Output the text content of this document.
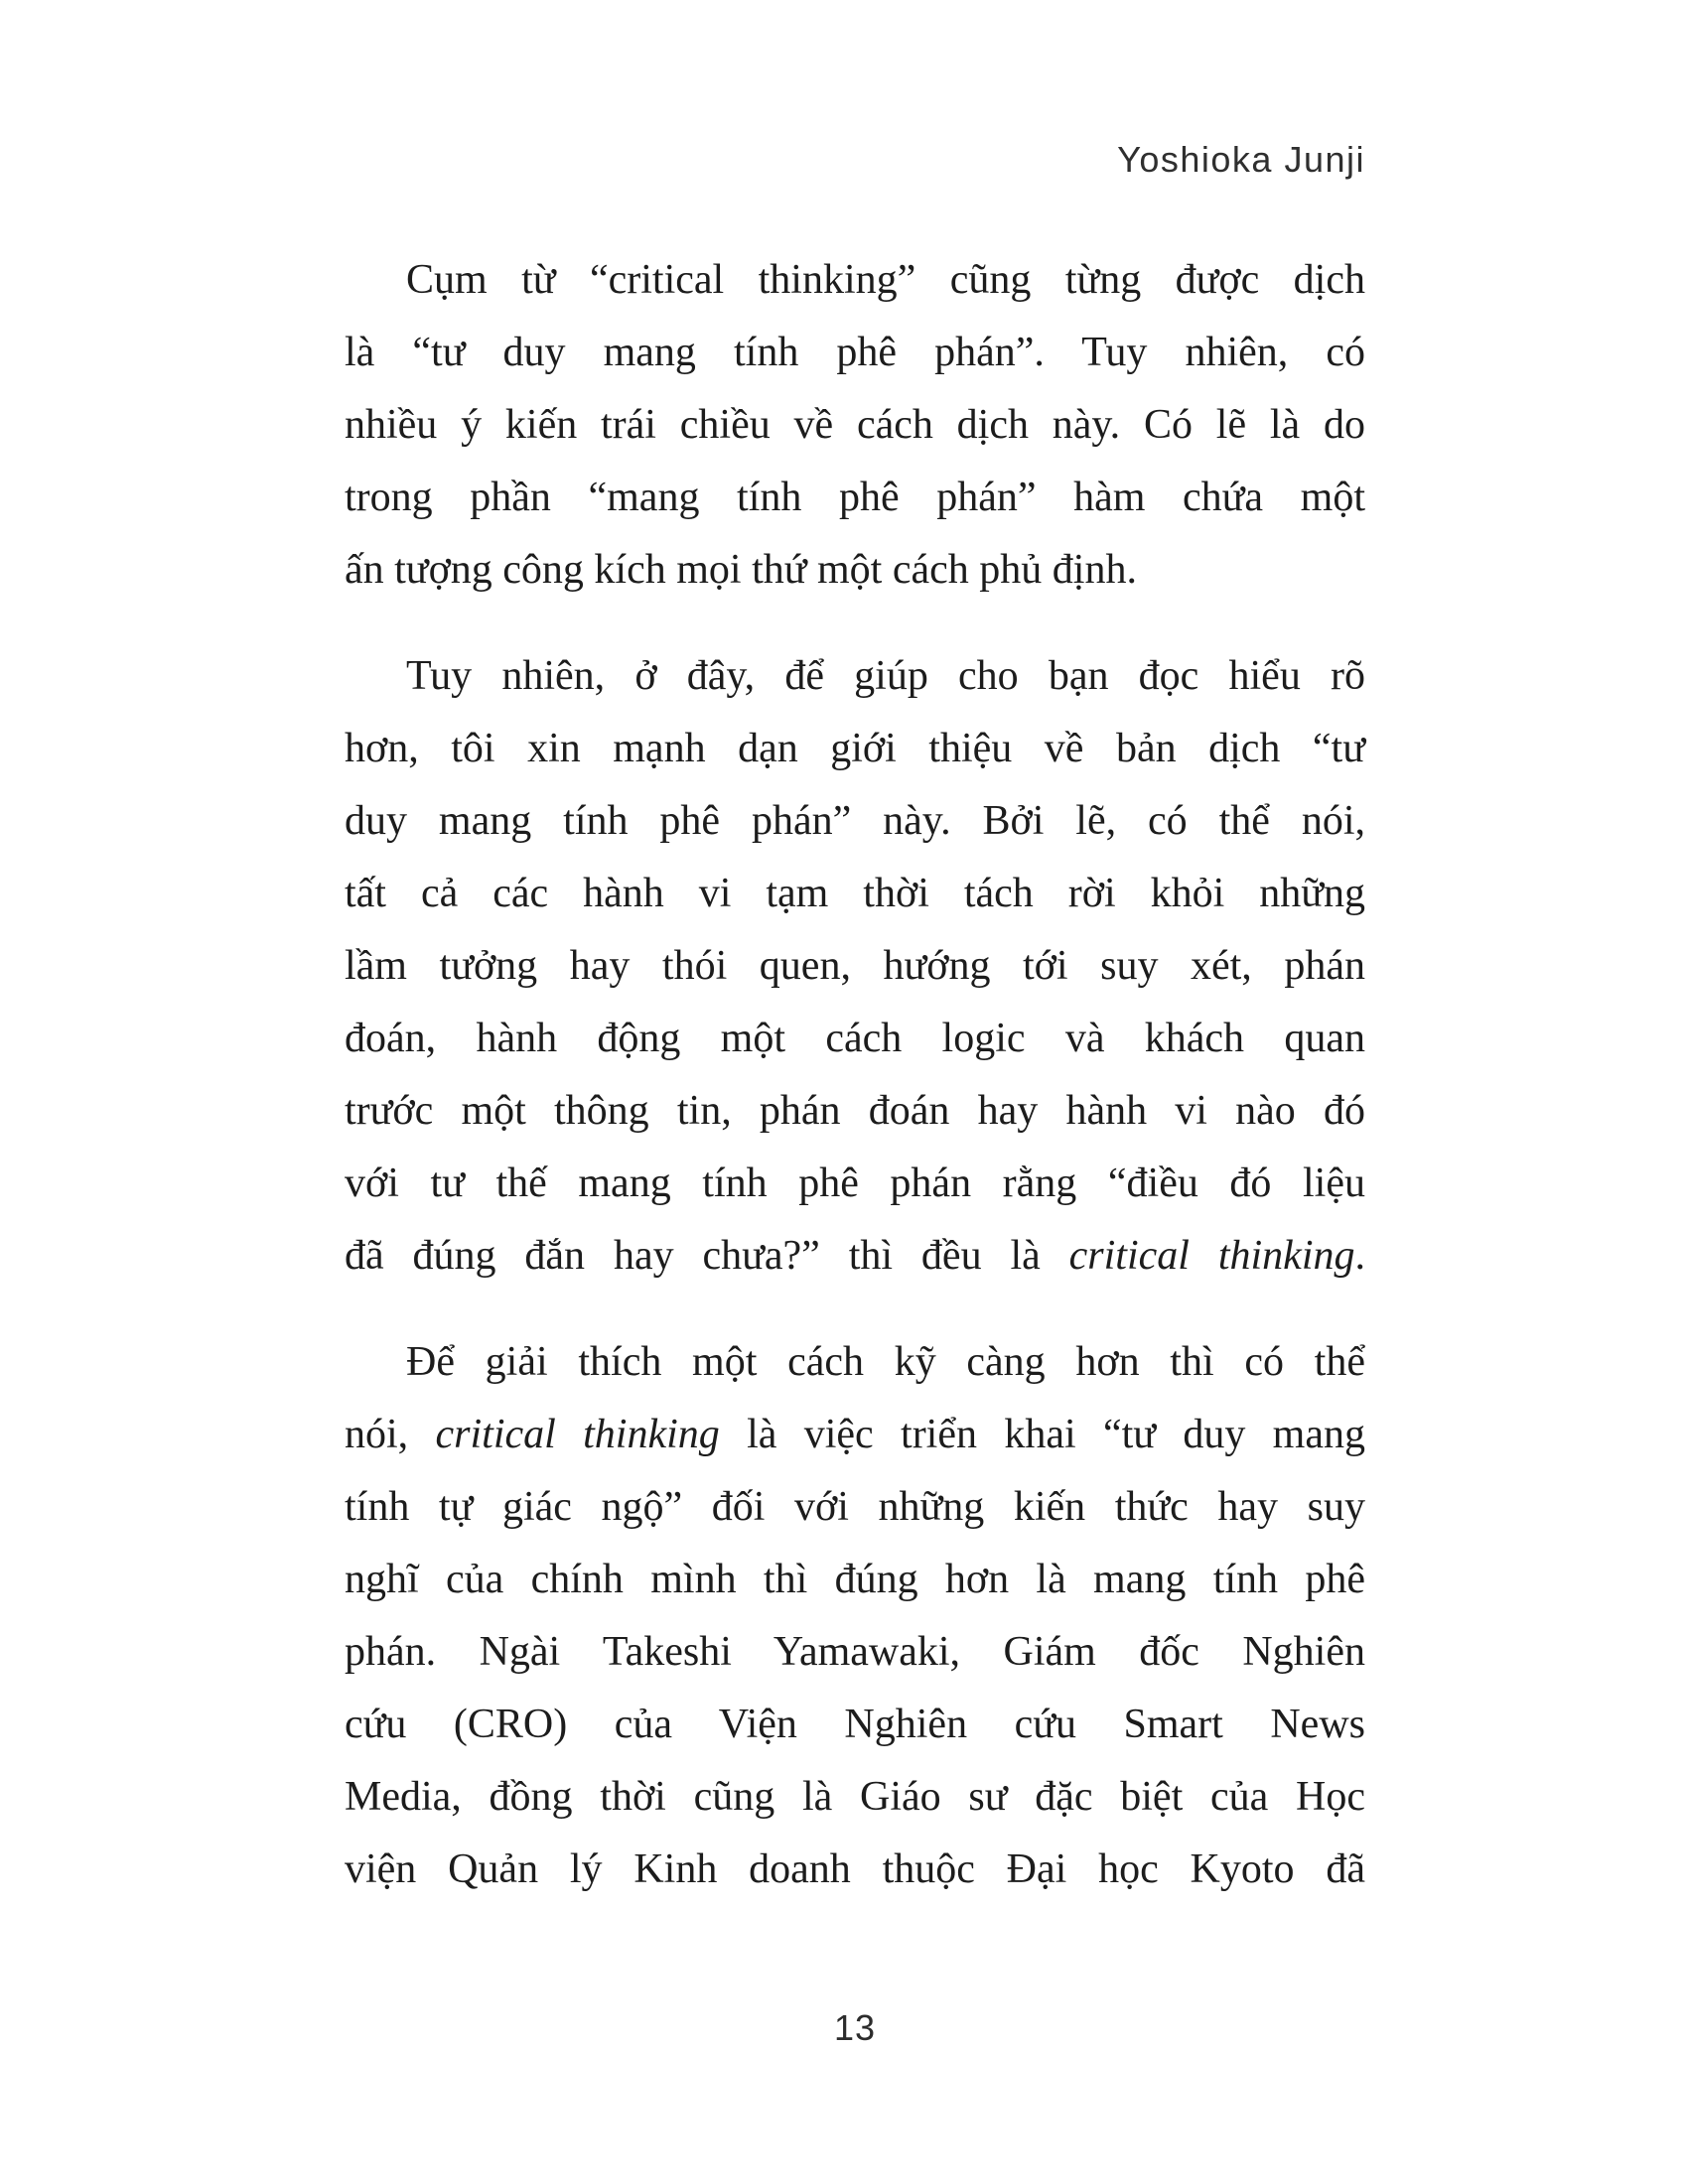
Yoshioka Junji
Cụm từ “critical thinking” cũng từng được dịch
là “tư duy mang tính phê phán”. Tuy nhiên, có
nhiều ý kiến trái chiều về cách dịch này. Có lẽ là do
trong phần “mang tính phê phán” hàm chứa một
ấn tượng công kích mọi thứ một cách phủ định.
Tuy nhiên, ở đây, để giúp cho bạn đọc hiểu rõ
hơn, tôi xin mạnh dạn giới thiệu về bản dịch “tư
duy mang tính phê phán” này. Bởi lẽ, có thể nói,
tất cả các hành vi tạm thời tách rời khỏi những
lầm tưởng hay thói quen, hướng tới suy xét, phán
đoán, hành động một cách logic và khách quan
trước một thông tin, phán đoán hay hành vi nào đó
với tư thế mang tính phê phán rằng “điều đó liệu
đã đúng đắn hay chưa?” thì đều là critical thinking.
Để giải thích một cách kỹ càng hơn thì có thể
nói, critical thinking là việc triển khai “tư duy mang
tính tự giác ngộ” đối với những kiến thức hay suy
nghĩ của chính mình thì đúng hơn là mang tính phê
phán. Ngài Takeshi Yamawaki, Giám đốc Nghiên
cứu (CRO) của Viện Nghiên cứu Smart News
Media, đồng thời cũng là Giáo sư đặc biệt của Học
viện Quản lý Kinh doanh thuộc Đại học Kyoto đã
13
